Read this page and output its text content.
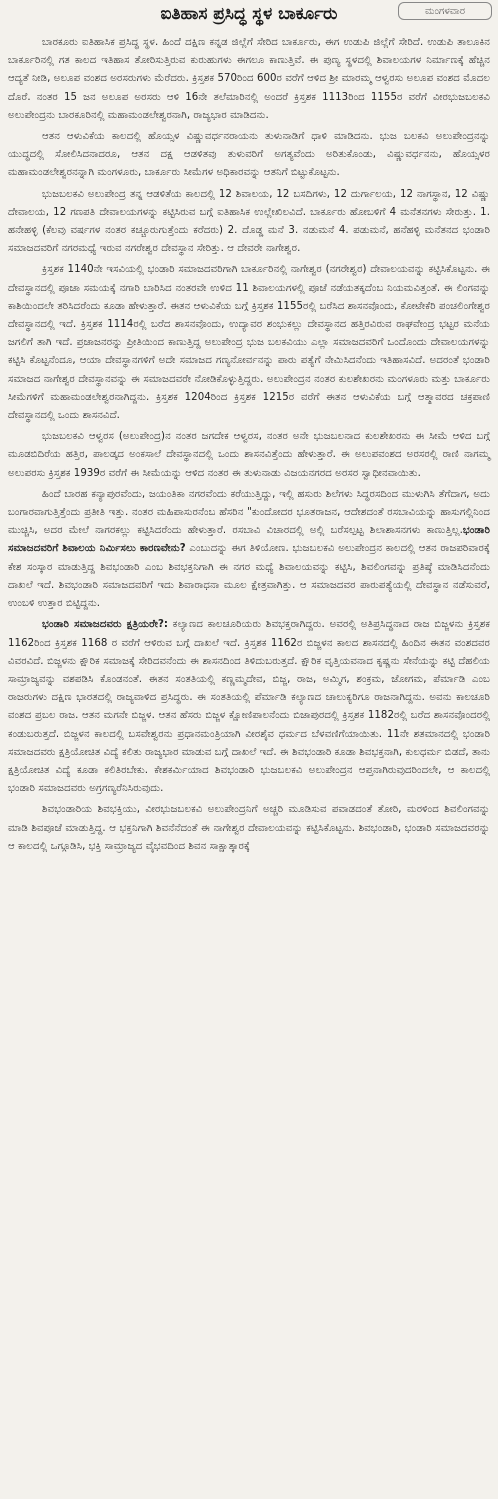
ಐತಿಹಾಸ ಪ್ರಸಿದ್ಧ ಸ್ಥಳ ಬಾರ್ಕೂರು	ಮಂಗಳವಾರ

ಬಾರಕೂರು ಐತಿಹಾಸಿಕ ಪ್ರಸಿದ್ಧ ಸ್ಥಳ. ಹಿಂದೆ ದಕ್ಷಿಣ ಕನ್ನಡ ಜಿಲ್ಲೆಗೆ ಸೇರಿದ ಬಾರ್ಕೂರು, ಈಗ ಉಡುಪಿ ಜಿಲ್ಲೆಗೆ ಸೇರಿದೆ. ಉಡುಪಿ ತಾಲೂಕಿನ ಬಾರ್ಕೂರಿನಲ್ಲಿ ಗತ ಕಾಲದ ಇತಿಹಾಸ ತೋರಿಸುತ್ತಿರುವ ಕುರುಹುಗಳು ಈಗಲೂ ಕಾಣುತ್ತಿವೆ. ಈ ಪುಣ್ಯ ಸ್ಥಳದಲ್ಲಿ ಶಿವಾಲಯಗಳ ನಿರ್ಮಾಣಕ್ಕೆ ಹೆಚ್ಚಿನ ಆದ್ಯತೆ ನೀಡಿ, ಅಲೂಪ ವಂಶದ ಅರಸರುಗಳು ಮೆರೆದರು. ಕ್ರಿಸ್ತಶಕ 570ರಿಂದ 600ರ ವರೆಗೆ ಆಳಿದ ಶ್ರೀ ಮಾರಮ್ಮ ಆಳ್ವರಸು ಅಲೂಪ ವಂಶದ ಮೊದಲ ದೊರೆ. ನಂತರ 15 ಜನ ಅಲೂಪ ಅರಸರು ಆಳಿ 16ನೇ ತಲೆಮಾರಿನಲ್ಲಿ ಅಂದರೆ ಕ್ರಿಸ್ತಶಕ 1113ರಿಂದ 1155ರ ವರೆಗೆ ವೀರಭುಜಬಲಕವಿ ಅಲುಪೇಂದ್ರನು ಬಾರಕೂರಿನಲ್ಲಿ ಮಹಾಮಂಡಲೇಶ್ವರನಾಗಿ, ರಾಜ್ಯಭಾರ ಮಾಡಿದನು.

ಆತನ ಆಳುವಿಕೆಯ ಕಾಲದಲ್ಲಿ ಹೊಯ್ಸಳ ವಿಷ್ಣುವರ್ಧನರಾಯನು ತುಳುನಾಡಿಗೆ ಧಾಳಿ ಮಾಡಿದನು. ಭುಜ ಬಲಕವಿ ಅಲುಪೇಂದ್ರನನ್ನು ಯುದ್ಧದಲ್ಲಿ ಸೋಲಿಸಿದನಾದರೂ, ಆತನ ದಕ್ಷ ಆಡಳಿತವು ತುಳುವರಿಗೆ ಅಗತ್ಯವೆಂದು ಅರಿತುಕೊಂಡು, ವಿಷ್ಣುವರ್ಧನನು, ಹೊಯ್ಸಳರ ಮಹಾಮಂಡಲೇಶ್ವರನನ್ನಾಗಿ ಮಂಗಳೂರು, ಬಾರ್ಕೂರು ಸೀಮೆಗಳ ಅಧಿಕಾರವನ್ನು ಆತನಿಗೆ ಬಿಟ್ಟುಕೊಟ್ಟನು.

ಭುಜಬಲಕವಿ ಅಲುಪೇಂದ್ರ ತನ್ನ ಆಡಳಿತೆಯ ಕಾಲದಲ್ಲಿ 12 ಶಿವಾಲಯ, 12 ಬಸದಿಗಳು, 12 ದುರ್ಗಾಲಯ, 12 ನಾಗಸ್ಥಾನ, 12 ವಿಷ್ಣು ದೇವಾಲಯ, 12 ಗಣಪತಿ ದೇವಾಲಯಗಳನ್ನು ಕಟ್ಟಿಸಿರುವ ಬಗ್ಗೆ ಐತಿಹಾಸಿಕ ಉಲ್ಲೇಖಿಲವಿದೆ. ಬಾರ್ಕೂರು ಹೋಬಳಿಗೆ 4 ಮನೆತನಗಳು ಸೇರುತ್ತು. 1. ಹನೇಹಳ್ಳಿ (ಕೆಲವು ವರ್ಷಗಳ ನಂತರ ಕಚ್ಚೂರುಗುತ್ತೆಂದು ಕರೆದರು) 2. ದೊಡ್ಡ ಮನೆ 3. ನಡುಮನೆ 4. ಪಡುಮನೆ, ಹನೆಹಳ್ಳಿ ಮನೆತನದ ಭಂಡಾರಿ ಸಮಾಜದವರಿಗೆ ನಗರಮಧ್ಯೆ ಇರುವ ನಗರೇಶ್ವರ ದೇವಸ್ಥಾನ ಸೇರಿತ್ತು. ಆ ದೇವರೇ ನಾಗೇಶ್ವರ.

ಕ್ರಿಸ್ತಶಕ 1140ನೇ ಇಸವಿಯಲ್ಲಿ ಭಂಡಾರಿ ಸಮಾಜದವರಿಗಾಗಿ ಬಾರ್ಕೂರಿನಲ್ಲಿ ನಾಗೇಶ್ವರ (ನಗರೇಶ್ವರ) ದೇವಾಲಯವನ್ನು ಕಟ್ಟಿಸಿಕೊಟ್ಟನು. ಈ ದೇವಸ್ಥಾನದಲ್ಲಿ ಪೂಜಾ ಸಮಯಕ್ಕೆ ನಗಾರಿ ಬಾರಿಸಿದ ನಂತರವೇ ಉಳಿದ 11 ಶಿವಾಲಯಗಳಲ್ಲಿ ಪೂಜೆ ನಡೆಯತಕ್ಕದೆಂಬ ನಿಯಮವಿತ್ತಂತೆ. ಈ ಲಿಂಗವನ್ನು ಕಾಶಿಯಿಂದಲೇ ತರಿಸಿದರೆಂದು ಕೂಡಾ ಹೇಳುತ್ತಾರೆ. ಈತನ ಆಳುವಿಕೆಯ ಬಗ್ಗೆ ಕ್ರಿಸ್ತಶಕ 1155ರಲ್ಲಿ ಬರೆಸಿದ ಶಾಸನವೊಂದು, ಕೋಟೇಕೆರಿ ಪಂಚಲಿಂಗೇಶ್ವರ ದೇವಸ್ಥಾನದಲ್ಲಿ ಇದೆ. ಕ್ರಿಸ್ತಶಕ 1114ರಲ್ಲಿ ಬರೆದ ಶಾಸನವೊಂದು, ಉದ್ಯಾವರ ಶಂಭುಕಲ್ಲು ದೇವಸ್ಥಾನದ ಹತ್ತಿರವಿರುವ ರಾಘವೇಂದ್ರ ಭಟ್ಟರ ಮನೆಯ ಜಗಲಿಗೆ ತಾಗಿ ಇದೆ. ಪ್ರಜಾಜನರನ್ನು ಪ್ರೀತಿಯಿಂದ ಕಾಣುತ್ತಿದ್ದ ಅಲುಪೇಂದ್ರ ಭುಜ ಬಲಕವಿಯು ಎಲ್ಲಾ ಸಮಾಜದವರಿಗೆ ಒಂದೊಂದು ದೇವಾಲಯಗಳನ್ನು ಕಟ್ಟಿಸಿ ಕೊಟ್ಟನೆಂದೂ, ಆಯಾ ದೇವಸ್ಥಾನಗಳಿಗೆ ಅದೇ ಸಮಾಜದ ಗಣ್ಯನೋರ್ವನನ್ನು ಪಾರು ಪತ್ಯೆಗೆ ನೇಮಿಸಿದನೆಂದು ಇತಿಹಾಸವಿದೆ. ಅದರಂತೆ ಭಂಡಾರಿ ಸಮಾಜದ ನಾಗೇಶ್ವರ ದೇವಸ್ಥಾನವನ್ನು ಈ ಸಮಾಜದವರೇ ನೋಡಿಕೊಳ್ಳುತ್ತಿದ್ದರು. ಅಲುಪೇಂದ್ರನ ನಂತರ ಕುಲಶೇಖರನು ಮಂಗಳೂರು ಮತ್ತು ಬಾರ್ಕೂರು ಸೀಮೆಗಳಿಗೆ ಮಹಾಮಂಡಲೇಶ್ವರನಾಗಿದ್ದನು. ಕ್ರಿಸ್ತಶಕ 1204ರಿಂದ ಕ್ರಿಸ್ತಶಕ 1215ರ ವರೆಗೆ ಈತನ ಆಳುವಿಕೆಯ ಬಗ್ಗೆ ಆತ್ಮಾವರದ ಚಕ್ರಪಾಣಿ ದೇವಸ್ಥಾನದಲ್ಲಿ ಒಂದು ಶಾಸನವಿದೆ.

ಭುಜಬಲಕವಿ ಆಳ್ವರಸ (ಅಲುಪೇಂದ್ರ)ನ ನಂತರ ಜಗದೇಕ ಆಳ್ವರಸ, ನಂತರ ಅನೇ ಭುಜಬಲನಾದ ಕುಲಶೇಖರನು ಈ ಸೀಮೆ ಆಳಿದ ಬಗ್ಗೆ ಮೂಡಬಿದಿರೆಯ ಹತ್ತಿರ, ಪಾಲಡ್ಕದ ಅಂಕಸಾಲೆ ದೇವಸ್ಥಾನದಲ್ಲಿ ಒಂದು ಶಾಸನವಿತ್ತೆಂದು ಹೇಳುತ್ತಾರೆ. ಈ ಅಲುಪವಂಶದ ಅರಸರಲ್ಲಿ ರಾಣಿ ನಾಗಮ್ಮ ಅಲುಪರಸು ಕ್ರಿಸ್ತಶಕ 1939ರ ವರೆಗೆ ಈ ಸೀಮೆಯನ್ನು ಆಳಿದ ನಂತರ ಈ ತುಳುನಾಡು ವಿಜಯನಗರದ ಅರಸರ ಸ್ವಾಧೀನವಾಯಿತು.

ಹಿಂದೆ ಬಾರಹ ಕನ್ಯಾಪುರವೆಂದು, ಜಯಂತಿಕಾ ನಗರವೆಂದು ಕರೆಯುತ್ತಿದ್ದು, ಇಲ್ಲಿ ಹಸುರು ಶಿಲೆಗಳು ಸಿದ್ಧರಸದಿಂದ ಮುಳುಗಿಸಿ ತೆಗೆದಾಗ, ಅದು ಬಂಗಾರವಾಗುತ್ತಿತ್ತೆಂದು ಪ್ರತೀತಿ ಇತ್ತು. ನಂತರ ಮಹಿಪಾಸುರನೆಂಬ ಹೆಸರಿನ "ಕುಂದೋದರ ಭೂತರಾಜನ, ಆದೇಶದಂತೆ ರಸಬಾವಿಯನ್ನು ಹಾಸುಗಲ್ಲಿನಿಂದ ಮುಚ್ಚಿಸಿ, ಅದರ ಮೇಲೆ ನಾಗರಕಲ್ಲು ಕಟ್ಟಿಸಿದರೆಂದು ಹೇಳುತ್ತಾರೆ. ರಸಬಾವಿ ವಿಚಾರದಲ್ಲಿ ಅಲ್ಲಿ ಬರೆಸಲ್ಪಟ್ಟ ಶಿಲಾಶಾಸನಗಳು ಕಾಣುತ್ತಿಲ್ಲ.ಭಂಡಾರಿ ಸಮಾಜದವರಿಗೆ ಶಿವಾಲಯ ನಿರ್ಮಿಸಲು ಕಾರಣವೇನು? ಎಂಬುದನ್ನು ಈಗ ತಿಳಿಯೋಣ. ಭುಜಬಲಕವಿ ಅಲುಪೇಂದ್ರನ ಕಾಲದಲ್ಲಿ ಆತನ ರಾಜಪರಿವಾರಕ್ಕೆ ಕೇಶ ಸಂಸ್ಕಾರ ಮಾಡುತ್ತಿದ್ದ ಶಿವಭಂಡಾರಿ ಎಂಬ ಶಿವಭಕ್ತನಿಗಾಗಿ ಈ ನಗರ ಮಧ್ಯೆ ಶಿವಾಲಯವನ್ನು ಕಟ್ಟಿಸಿ, ಶಿವಲಿಂಗವನ್ನು ಪ್ರತಿಷ್ಠೆ ಮಾಡಿಸಿದನೆಂದು ದಾಖಲೆ ಇದೆ. ಶಿವಭಂಡಾರಿ ಸಮಾಜದವರಿಗೆ ಇದು ಶಿವಾರಾಧನಾ ಮೂಲ ಕ್ಷೇತ್ರವಾಗಿತ್ತು. ಆ ಸಮಾಜದವರ ಪಾರುಪತ್ಯೆಯಲ್ಲಿ ದೇವಸ್ಥಾನ ನಡೆಸುವರೆ, ಉಂಬಳಿ ಉತ್ತಾರ ಬಿಟ್ಟಿದ್ದನು.

ಭಂಡಾರಿ ಸಮಾಜದವರು ಕ್ಷತ್ರಿಯರೇ?: ಕಲ್ಯಾಣದ ಕಾಲಚೂರಿಯರು ಶಿವಭಕ್ತರಾಗಿದ್ದರು. ಅವರಲ್ಲಿ ಅತಿಪ್ರಸಿದ್ಧನಾದ ರಾಜ ಬಿಜ್ಜಳನು ಕ್ರಿಸ್ತಶಕ 1162ರಿಂದ ಕ್ರಿಸ್ತಶಕ 1168 ರ ವರೆಗೆ ಆಳಿರುವ ಬಗ್ಗೆ ದಾಖಲೆ ಇದೆ. ಕ್ರಿಸ್ತಶಕ 1162ರ ಬಿಜ್ಜಳನ ಕಾಲದ ಶಾಸನದಲ್ಲಿ ಹಿಂದಿನ ಈತನ ವಂಶದವರ ವಿವರವಿದೆ. ಬಿಜ್ಜಳನು ಕ್ಷೌರಿಕ ಸಮಾಜಕ್ಕೆ ಸೇರಿದವನೆಂದು ಈ ಶಾಸನದಿಂದ ತಿಳಿದುಬರುತ್ತದೆ. ಕ್ಷೌರಿಕ ವೃತ್ತಿಯವನಾದ ಕೃಷ್ಣನು ಸೇನೆಯನ್ನು ಕಟ್ಟಿ ದೆಹಲಿಯ ಸಾಮ್ರಾಜ್ಯವನ್ನು ವಶಪಡಿಸಿ ಕೊಂಡನಂತೆ. ಈತನ ಸಂತತಿಯಲ್ಲಿ ಕಣ್ಣಮ್ಮದೇವ, ಬಿಜ್ಜ, ರಾಜ, ಅಮ್ಮಿಗ, ಶಂಕ್ರಮ, ಜೋಗಮ, ಪೆರ್ಮಾಡಿ ಎಂಬ ರಾಜರುಗಳು ದಕ್ಷಿಣ ಭಾರತದಲ್ಲಿ ರಾಜ್ಯವಾಳಿದ ಪ್ರಸಿದ್ಧರು. ಈ ಸಂತತಿಯಲ್ಲಿ ಪೆರ್ಮಾಡಿ ಕಲ್ಯಾಣದ ಚಾಲುಕ್ಯರಿಗೂ ರಾಜನಾಗಿದ್ದನು. ಅವನು ಕಾಲಚೂರಿ ವಂಶದ ಪ್ರಬಲ ರಾಜ. ಆತನ ಮಗನೇ ಬಿಜ್ಜಳ. ಆತನ ಹೆಸರು ಬಿಜ್ಜಳ ಕ್ಷೋಣಿಪಾಲನೆಂದು ಬಿಜಾಪುರದಲ್ಲಿ ಕ್ರಿಸ್ತಶಕ 1182ರಲ್ಲಿ ಬರೆದ ಶಾಸನವೊಂದರಲ್ಲಿ ಕಂಡುಬರುತ್ತದೆ. ಬಿಜ್ಜಳನ ಕಾಲದಲ್ಲಿ ಬಸವೇಶ್ವರನು ಪ್ರಧಾನಮಂತ್ರಿಯಾಗಿ ವೀರಶೈವ ಧರ್ಮದ ಬೆಳವಣಿಗೆಯಾಯಿತು. 11ನೇ ಶತಮಾನದಲ್ಲಿ ಭಂಡಾರಿ ಸಮಾಜದವರು ಕ್ಷತ್ರಿಯೋಚಿತ ವಿದ್ಯೆ ಕಲಿತು ರಾಜ್ಯಭಾರ ಮಾಡುವ ಬಗ್ಗೆ ದಾಖಲೆ ಇದೆ. ಈ ಶಿವಭಂಡಾರಿ ಕೂಡಾ ಶಿವಭಕ್ತನಾಗಿ, ಕುಲಧರ್ಮ ಬಿಡದೆ, ತಾನು ಕ್ಷತ್ರಿಯೋಚಿತ ವಿದ್ಯೆ ಕೂಡಾ ಕಲಿತಿರಬೇಕು. ಕೇಶಕರ್ಮಿಯಾದ ಶಿವಭಂಡಾರಿ ಭುಜಬಲಕವಿ ಅಲುಪೇಂದ್ರನ ಆಪ್ತನಾಗಿರುವುದರಿಂದಲೇ, ಆ ಕಾಲದಲ್ಲಿ ಭಂಡಾರಿ ಸಮಾಜದವರು ಅಗ್ರಗಣ್ಯರೆನಿಸಿರುವುದು.

ಶಿವಭಂಡಾರಿಯ ಶಿವಭಕ್ತಿಯು, ವೀರಭುಜಬಲಕವಿ ಅಲುಪೇಂದ್ರನಿಗೆ ಅಚ್ಚರಿ ಮೂಡಿಸುವ ಪವಾಡದಂತೆ ತೋರಿ, ಮರಳಿಂದ ಶಿವಲಿಂಗವನ್ನು ಮಾಡಿ ಶಿವಪೂಜೆ ಮಾಡುತ್ತಿದ್ದ. ಆ ಭಕ್ತನಿಗಾಗಿ ಶಿವನೆನೆದಂತೆ ಈ ನಾಗೇಶ್ವರ ದೇವಾಲಯವನ್ನು ಕಟ್ಟಿಸಿಕೊಟ್ಟನು. ಶಿವಭಂಡಾರಿ, ಭಂಡಾರಿ ಸಮಾಜದವರನ್ನು ಆ ಕಾಲದಲ್ಲಿ ಒಗ್ಗೂಡಿಸಿ, ಭಕ್ತಿ ಸಾಮ್ರಾಜ್ಯದ ವೈಭವದಿಂದ ಶಿವನ ಸಾಕ್ಷಾತ್ಕಾರಕ್ಕೆ
